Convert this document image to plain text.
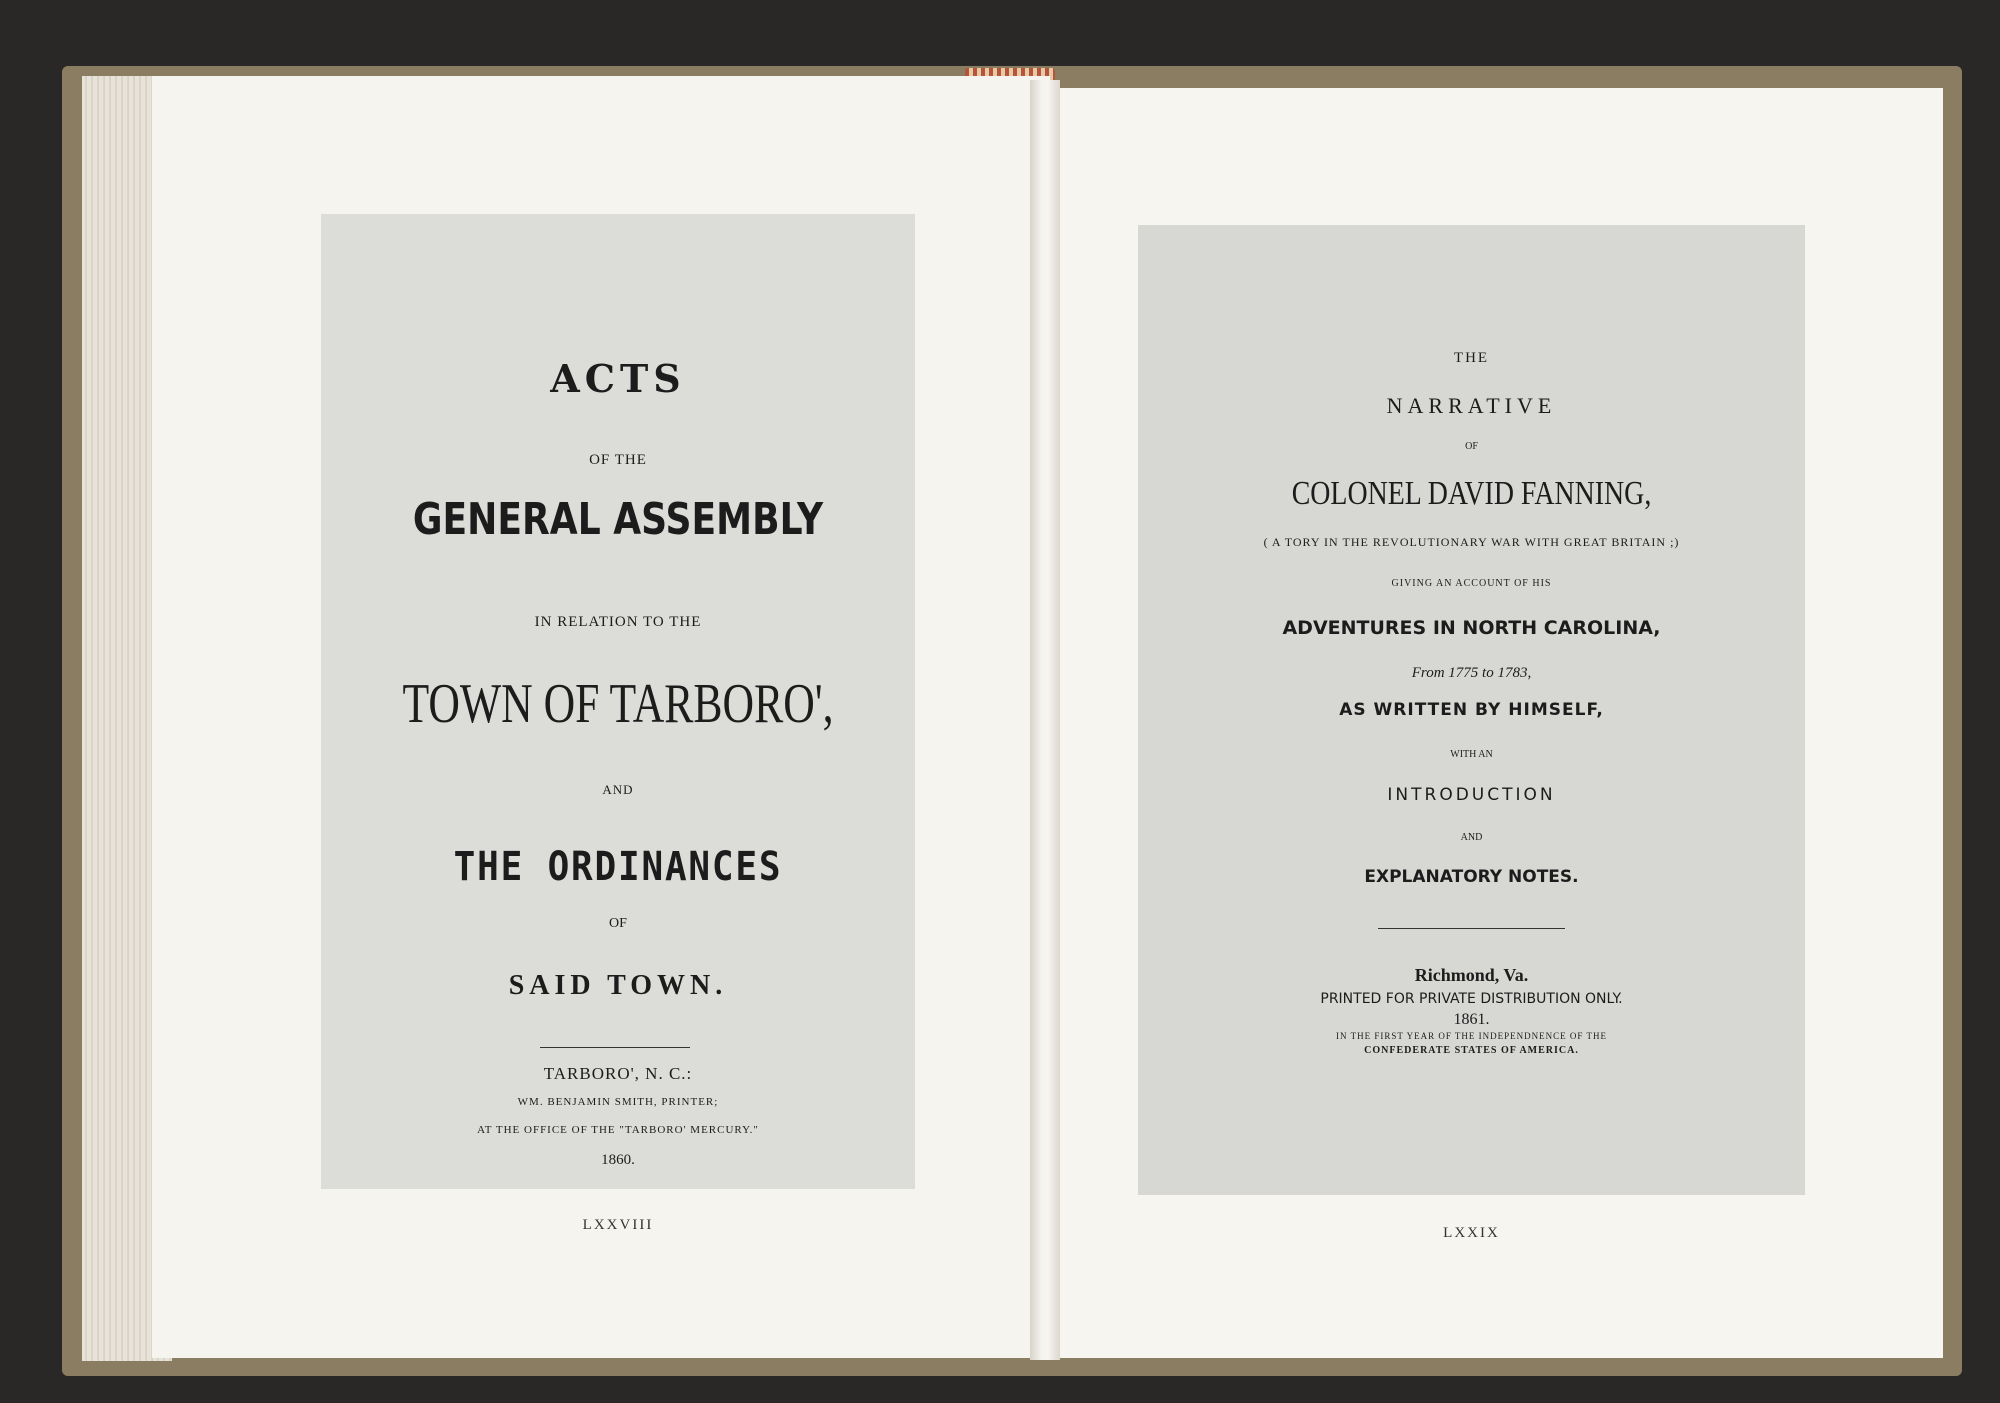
ACTS
OF THE
GENERAL ASSEMBLY
IN RELATION TO THE
TOWN OF TARBORO',
AND
THE ORDINANCES
OF
SAID TOWN.
TARBORO', N. C.:
WM. BENJAMIN SMITH, PRINTER;
AT THE OFFICE OF THE "TARBORO' MERCURY."
1860.
LXXVIII
THE
NARRATIVE
OF
COLONEL DAVID FANNING,
( A TORY IN THE REVOLUTIONARY WAR WITH GREAT BRITAIN ;)
GIVING AN ACCOUNT OF HIS
ADVENTURES IN NORTH CAROLINA,
From 1775 to 1783,
AS WRITTEN BY HIMSELF,
WITH AN
INTRODUCTION
AND
EXPLANATORY NOTES.
Richmond, Va.
PRINTED FOR PRIVATE DISTRIBUTION ONLY.
1861.
IN THE FIRST YEAR OF THE INDEPENDNENCE OF THE
CONFEDERATE STATES OF AMERICA.
LXXIX
